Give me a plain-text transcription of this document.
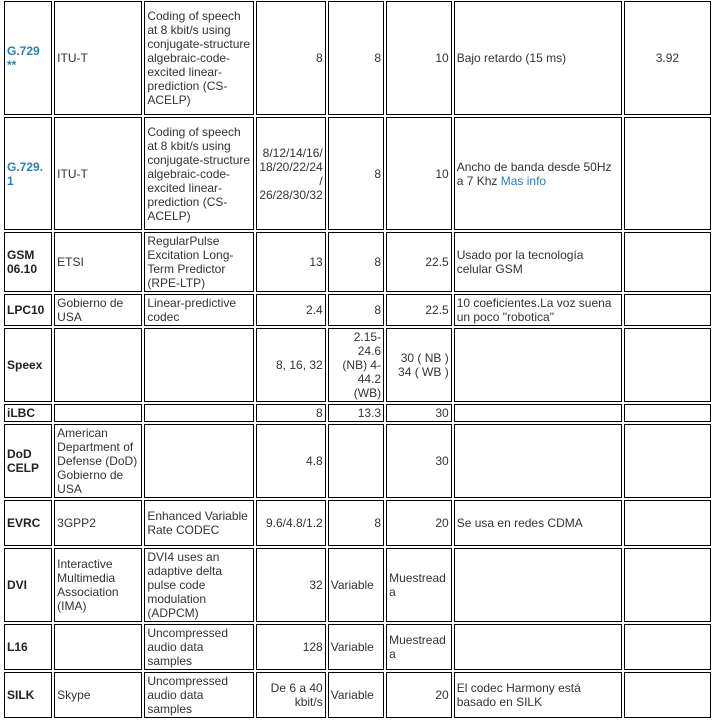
G.729 **	ITU-T	Coding of speech at 8 kbit/s using conjugate-structure algebraic-code-excited linear-prediction (CS-ACELP)	8	8	10	Bajo retardo (15 ms)	3.92
G.729.1	ITU-T	Coding of speech at 8 kbit/s using conjugate-structure algebraic-code-excited linear-prediction (CS-ACELP)	8/12/14/16/ 18/20/22/24/ 26/28/30/32	8	10	Ancho de banda desde 50Hz a 7 Khz Mas info	
GSM 06.10	ETSI	RegularPulse Excitation Long-Term Predictor (RPE-LTP)	13	8	22.5	Usado por la tecnología celular GSM	
LPC10	Gobierno de USA	Linear-predictive codec	2.4	8	22.5	10 coeficientes.La voz suena un poco "robotica"	
Speex			8, 16, 32	2.15-24.6 (NB) 4-44.2 (WB)	30 ( NB ) 34 ( WB )		
iLBC			8	13.3	30		
DoD CELP	American Department of Defense (DoD) Gobierno de USA		4.8		30		
EVRC	3GPP2	Enhanced Variable Rate CODEC	9.6/4.8/1.2	8	20	Se usa en redes CDMA	
DVI	Interactive Multimedia Association (IMA)	DVI4 uses an adaptive delta pulse code modulation (ADPCM)	32	Variable	Muestreada		
L16		Uncompressed audio data samples	128	Variable	Muestreada		
SILK	Skype	Uncompressed audio data samples	De 6 a 40 kbit/s	Variable	20	El codec Harmony está basado en SILK	
